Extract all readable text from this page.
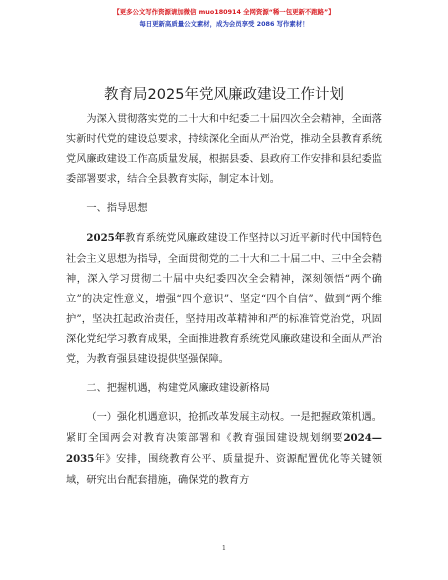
【更多公文写作资源请加微信 muo180914 全网资源“稀一包更新不跑路”】
每日更新高质量公文素材，成为会员享受 2086 写作素材！
教育局2025年党风廉政建设工作计划

为深入贯彻落实党的二十大和中纪委二十届四次全会精神，全面落实新时代党的建设总要求，持续深化全面从严治党，推动全县教育系统党风廉政建设工作高质量发展，根据县委、县政府工作安排和县纪委监委部署要求，结合全县教育实际，制定本计划。

一、指导思想

2025年教育系统党风廉政建设工作坚持以习近平新时代中国特色社会主义思想为指导，全面贯彻党的二十大和二十届二中、三中全会精神，深入学习贯彻二十届中央纪委四次全会精神，深刻领悟“两个确立”的决定性意义，增强“四个意识”、坚定“四个自信”、做到“两个维护”，坚决扛起政治责任，坚持用改革精神和严的标准管党治党，巩固深化党纪学习教育成果，全面推进教育系统党风廉政建设和全面从严治党，为教育强县建设提供坚强保障。

二、把握机遇，构建党风廉政建设新格局

（一）强化机遇意识，抢抓改革发展主动权。一是把握政策机遇。紧盯全国两会对教育决策部署和《教育强国建设规划纲要2024—2035年》安排，围绕教育公平、质量提升、资源配置优化等关键领域，研究出台配套措施，确保党的教育方

1
